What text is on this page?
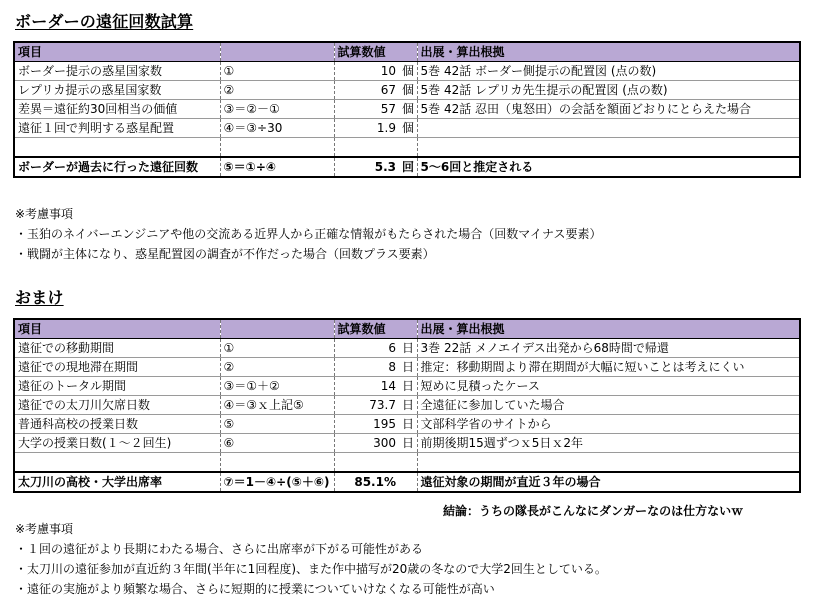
ボーダーの遠征回数試算
項目		試算数値		出展・算出根拠
ボーダー提示の惑星国家数	①	10	個	5巻 42話 ボーダー側提示の配置図 (点の数)
レプリカ提示の惑星国家数	②	67	個	5巻 42話 レプリカ先生提示の配置図 (点の数)
差異＝遠征約30回相当の価値	③＝②－①	57	個	5巻 42話 忍田（鬼怒田）の会話を額面どおりにとらえた場合
遠征１回で判明する惑星配置	④＝③÷30	1.9	個	

ボーダーが過去に行った遠征回数	⑤＝①÷④	5.3	回	5～6回と推定される
※考慮事項
・玉狛のネイバーエンジニアや他の交流ある近界人から正確な情報がもたらされた場合（回数マイナス要素）
・戦闘が主体になり、惑星配置図の調査が不作だった場合（回数プラス要素）
おまけ
項目		試算数値		出展・算出根拠
遠征での移動期間	①	6	日	3巻 22話 メノエイデス出発から68時間で帰還
遠征での現地滞在期間	②	8	日	推定：移動期間より滞在期間が大幅に短いことは考えにくい
遠征のトータル期間	③＝①＋②	14	日	短めに見積ったケース
遠征での太刀川欠席日数	④＝③ｘ上記⑤	73.7	日	全遠征に参加していた場合
普通科高校の授業日数	⑤	195	日	文部科学省のサイトから
大学の授業日数(１～２回生)	⑥	300	日	前期後期15週ずつｘ5日ｘ2年

太刀川の高校・大学出席率	⑦＝1－④÷(⑤＋⑥)	85.1%		遠征対象の期間が直近３年の場合
結論：うちの隊長がこんなにダンガーなのは仕方ないｗ
※考慮事項
・１回の遠征がより長期にわたる場合、さらに出席率が下がる可能性がある
・太刀川の遠征参加が直近約３年間(半年に1回程度)、また作中描写が20歳の冬なので大学2回生としている。
・遠征の実施がより頻繁な場合、さらに短期的に授業についていけなくなる可能性が高い
